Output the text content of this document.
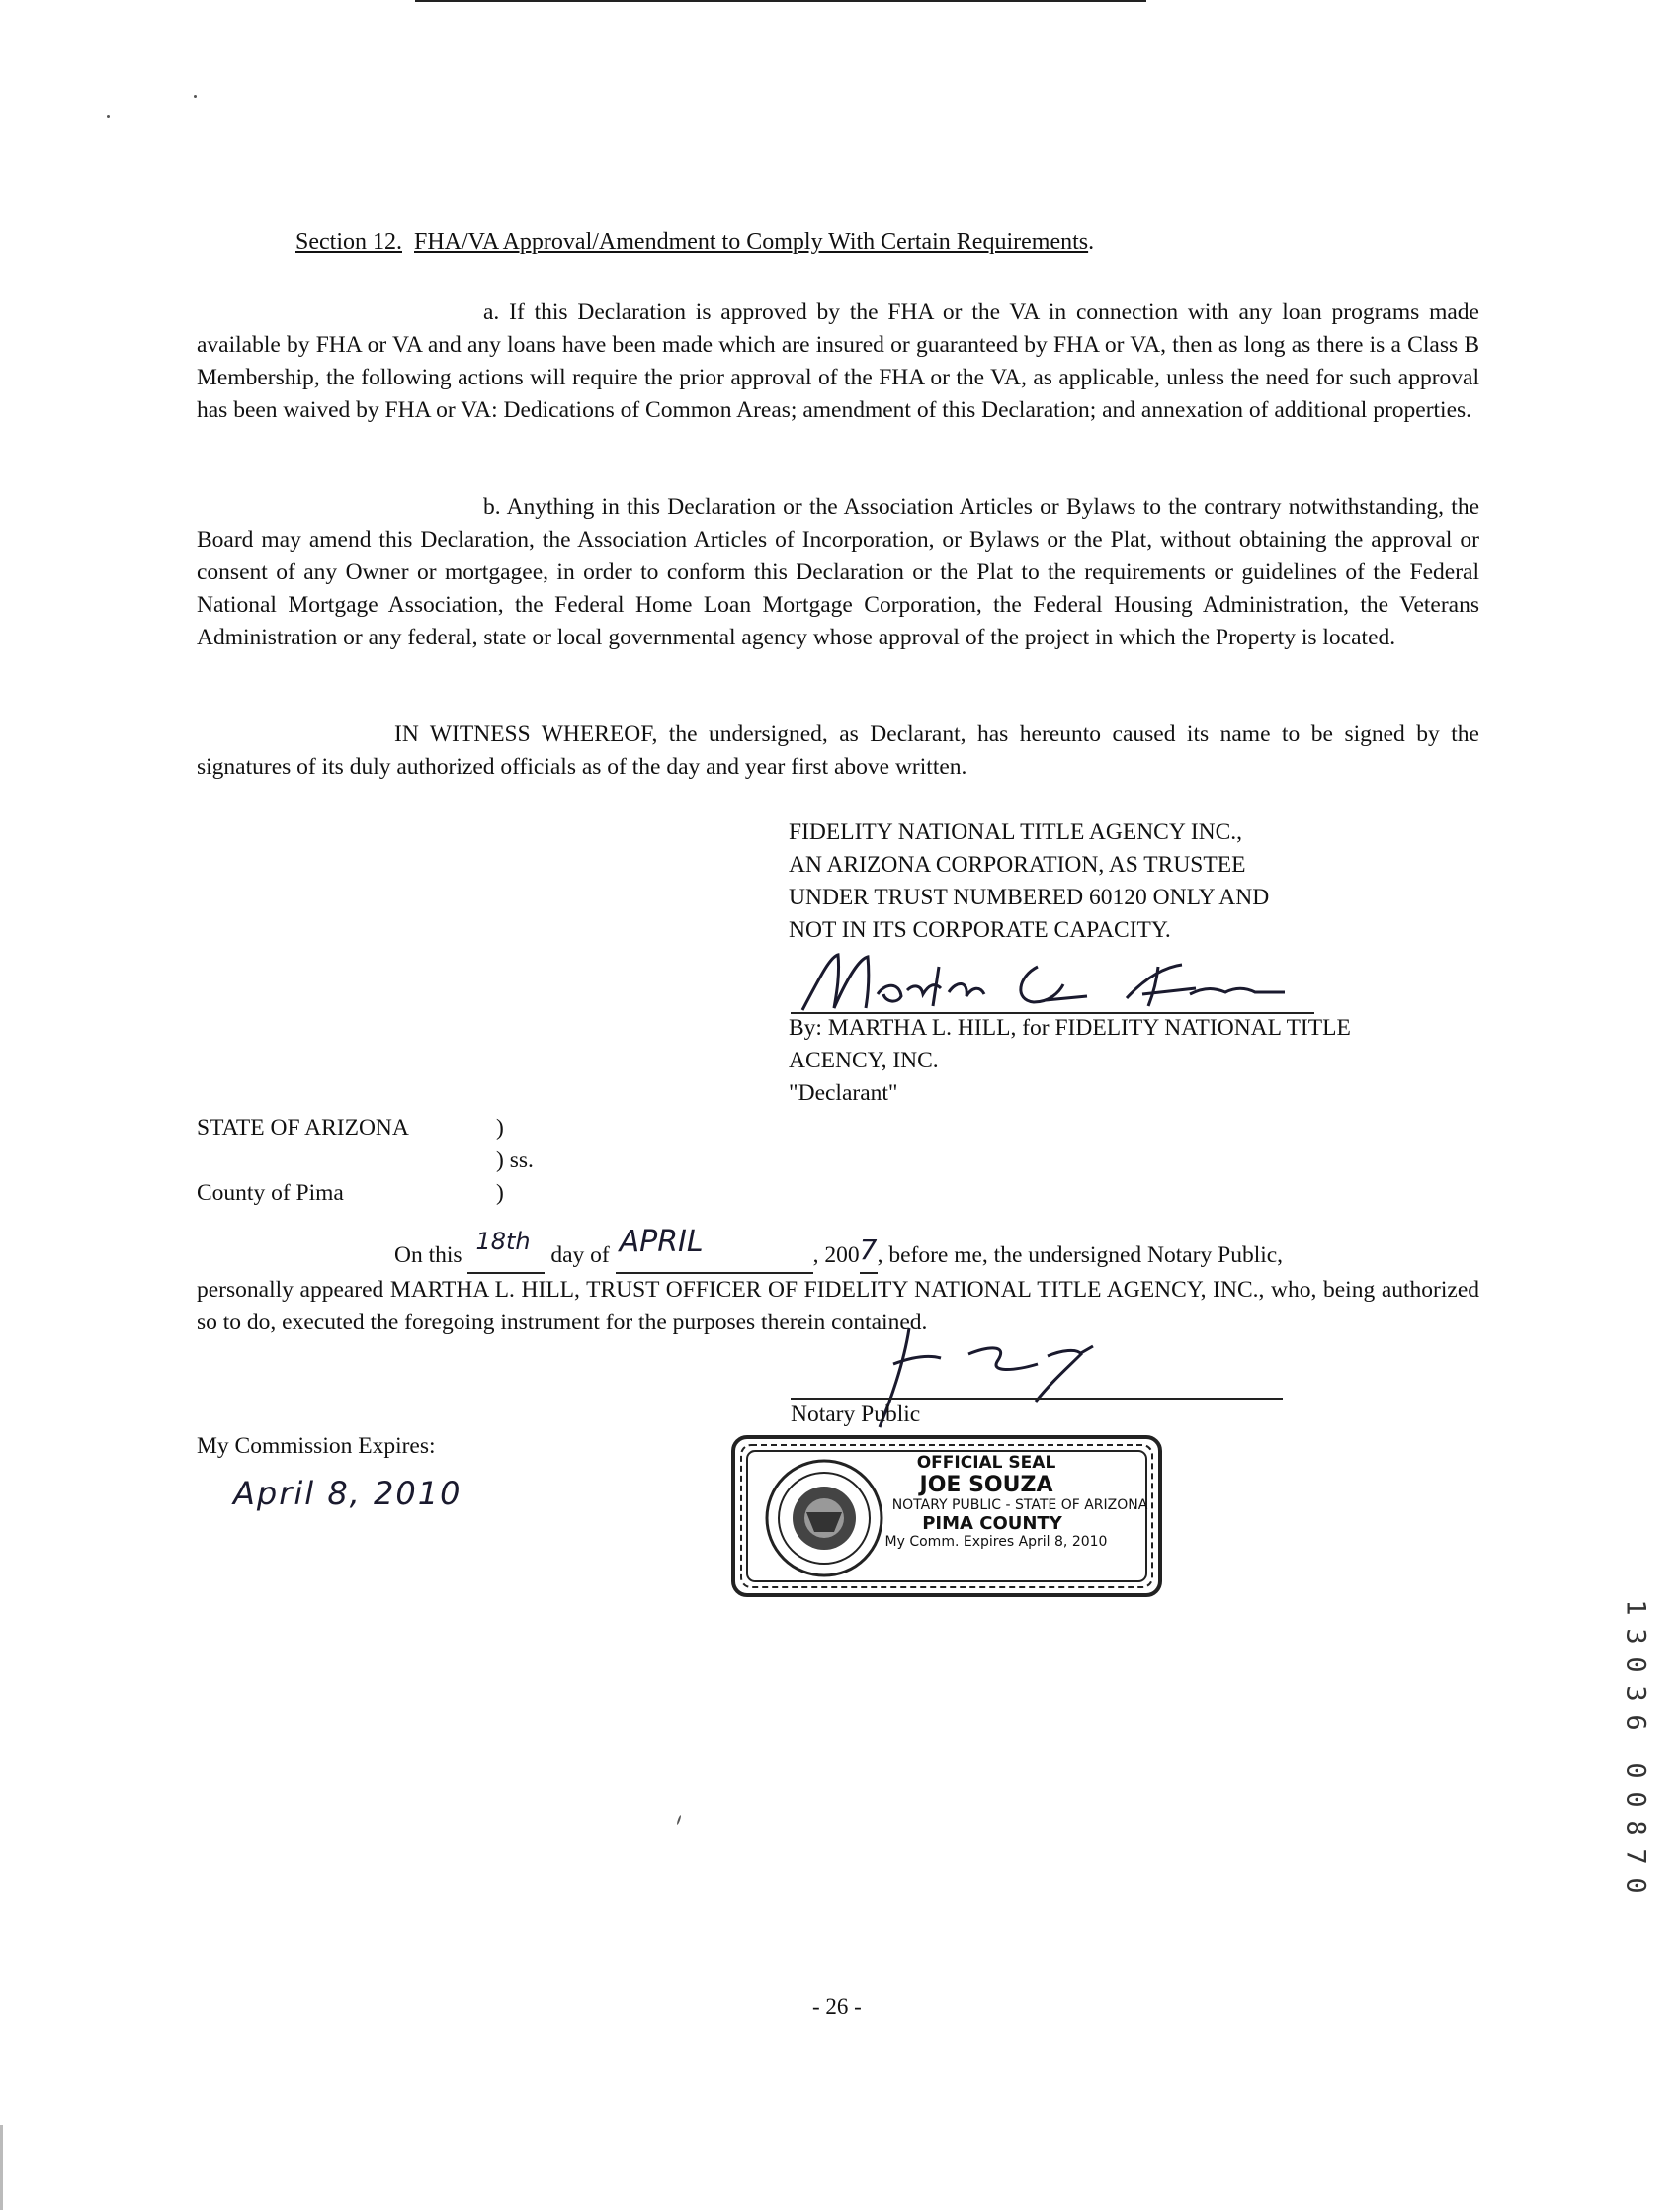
Section 12. FHA/VA Approval/Amendment to Comply With Certain Requirements.
a. If this Declaration is approved by the FHA or the VA in connection with any loan programs made available by FHA or VA and any loans have been made which are insured or guaranteed by FHA or VA, then as long as there is a Class B Membership, the following actions will require the prior approval of the FHA or the VA, as applicable, unless the need for such approval has been waived by FHA or VA: Dedications of Common Areas; amendment of this Declaration; and annexation of additional properties.
b. Anything in this Declaration or the Association Articles or Bylaws to the contrary notwithstanding, the Board may amend this Declaration, the Association Articles of Incorporation, or Bylaws or the Plat, without obtaining the approval or consent of any Owner or mortgagee, in order to conform this Declaration or the Plat to the requirements or guidelines of the Federal National Mortgage Association, the Federal Home Loan Mortgage Corporation, the Federal Housing Administration, the Veterans Administration or any federal, state or local governmental agency whose approval of the project in which the Property is located.
IN WITNESS WHEREOF, the undersigned, as Declarant, has hereunto caused its name to be signed by the signatures of its duly authorized officials as of the day and year first above written.
FIDELITY NATIONAL TITLE AGENCY INC.,
AN ARIZONA CORPORATION, AS TRUSTEE
UNDER TRUST NUMBERED 60120 ONLY AND
NOT IN ITS CORPORATE CAPACITY.
By: MARTHA L. HILL, for FIDELITY NATIONAL TITLE
ACENCY, INC.
"Declarant"
STATE OF ARIZONA
County of Pima
)
) ss.
)
On this 18th day of APRIL	, 200 7 , before me, the undersigned Notary Public,
personally appeared MARTHA L. HILL, TRUST OFFICER OF FIDELITY NATIONAL TITLE AGENCY, INC., who, being authorized so to do, executed the foregoing instrument for the purposes therein contained.
Notary Public
My Commission Expires:
April 8, 2010
OFFICIAL SEAL
JOE SOUZA
NOTARY PUBLIC - STATE OF ARIZONA
PIMA COUNTY
My Comm. Expires April 8, 2010
- 26 -
1
3
0
3
6
0
0
8
7
0
